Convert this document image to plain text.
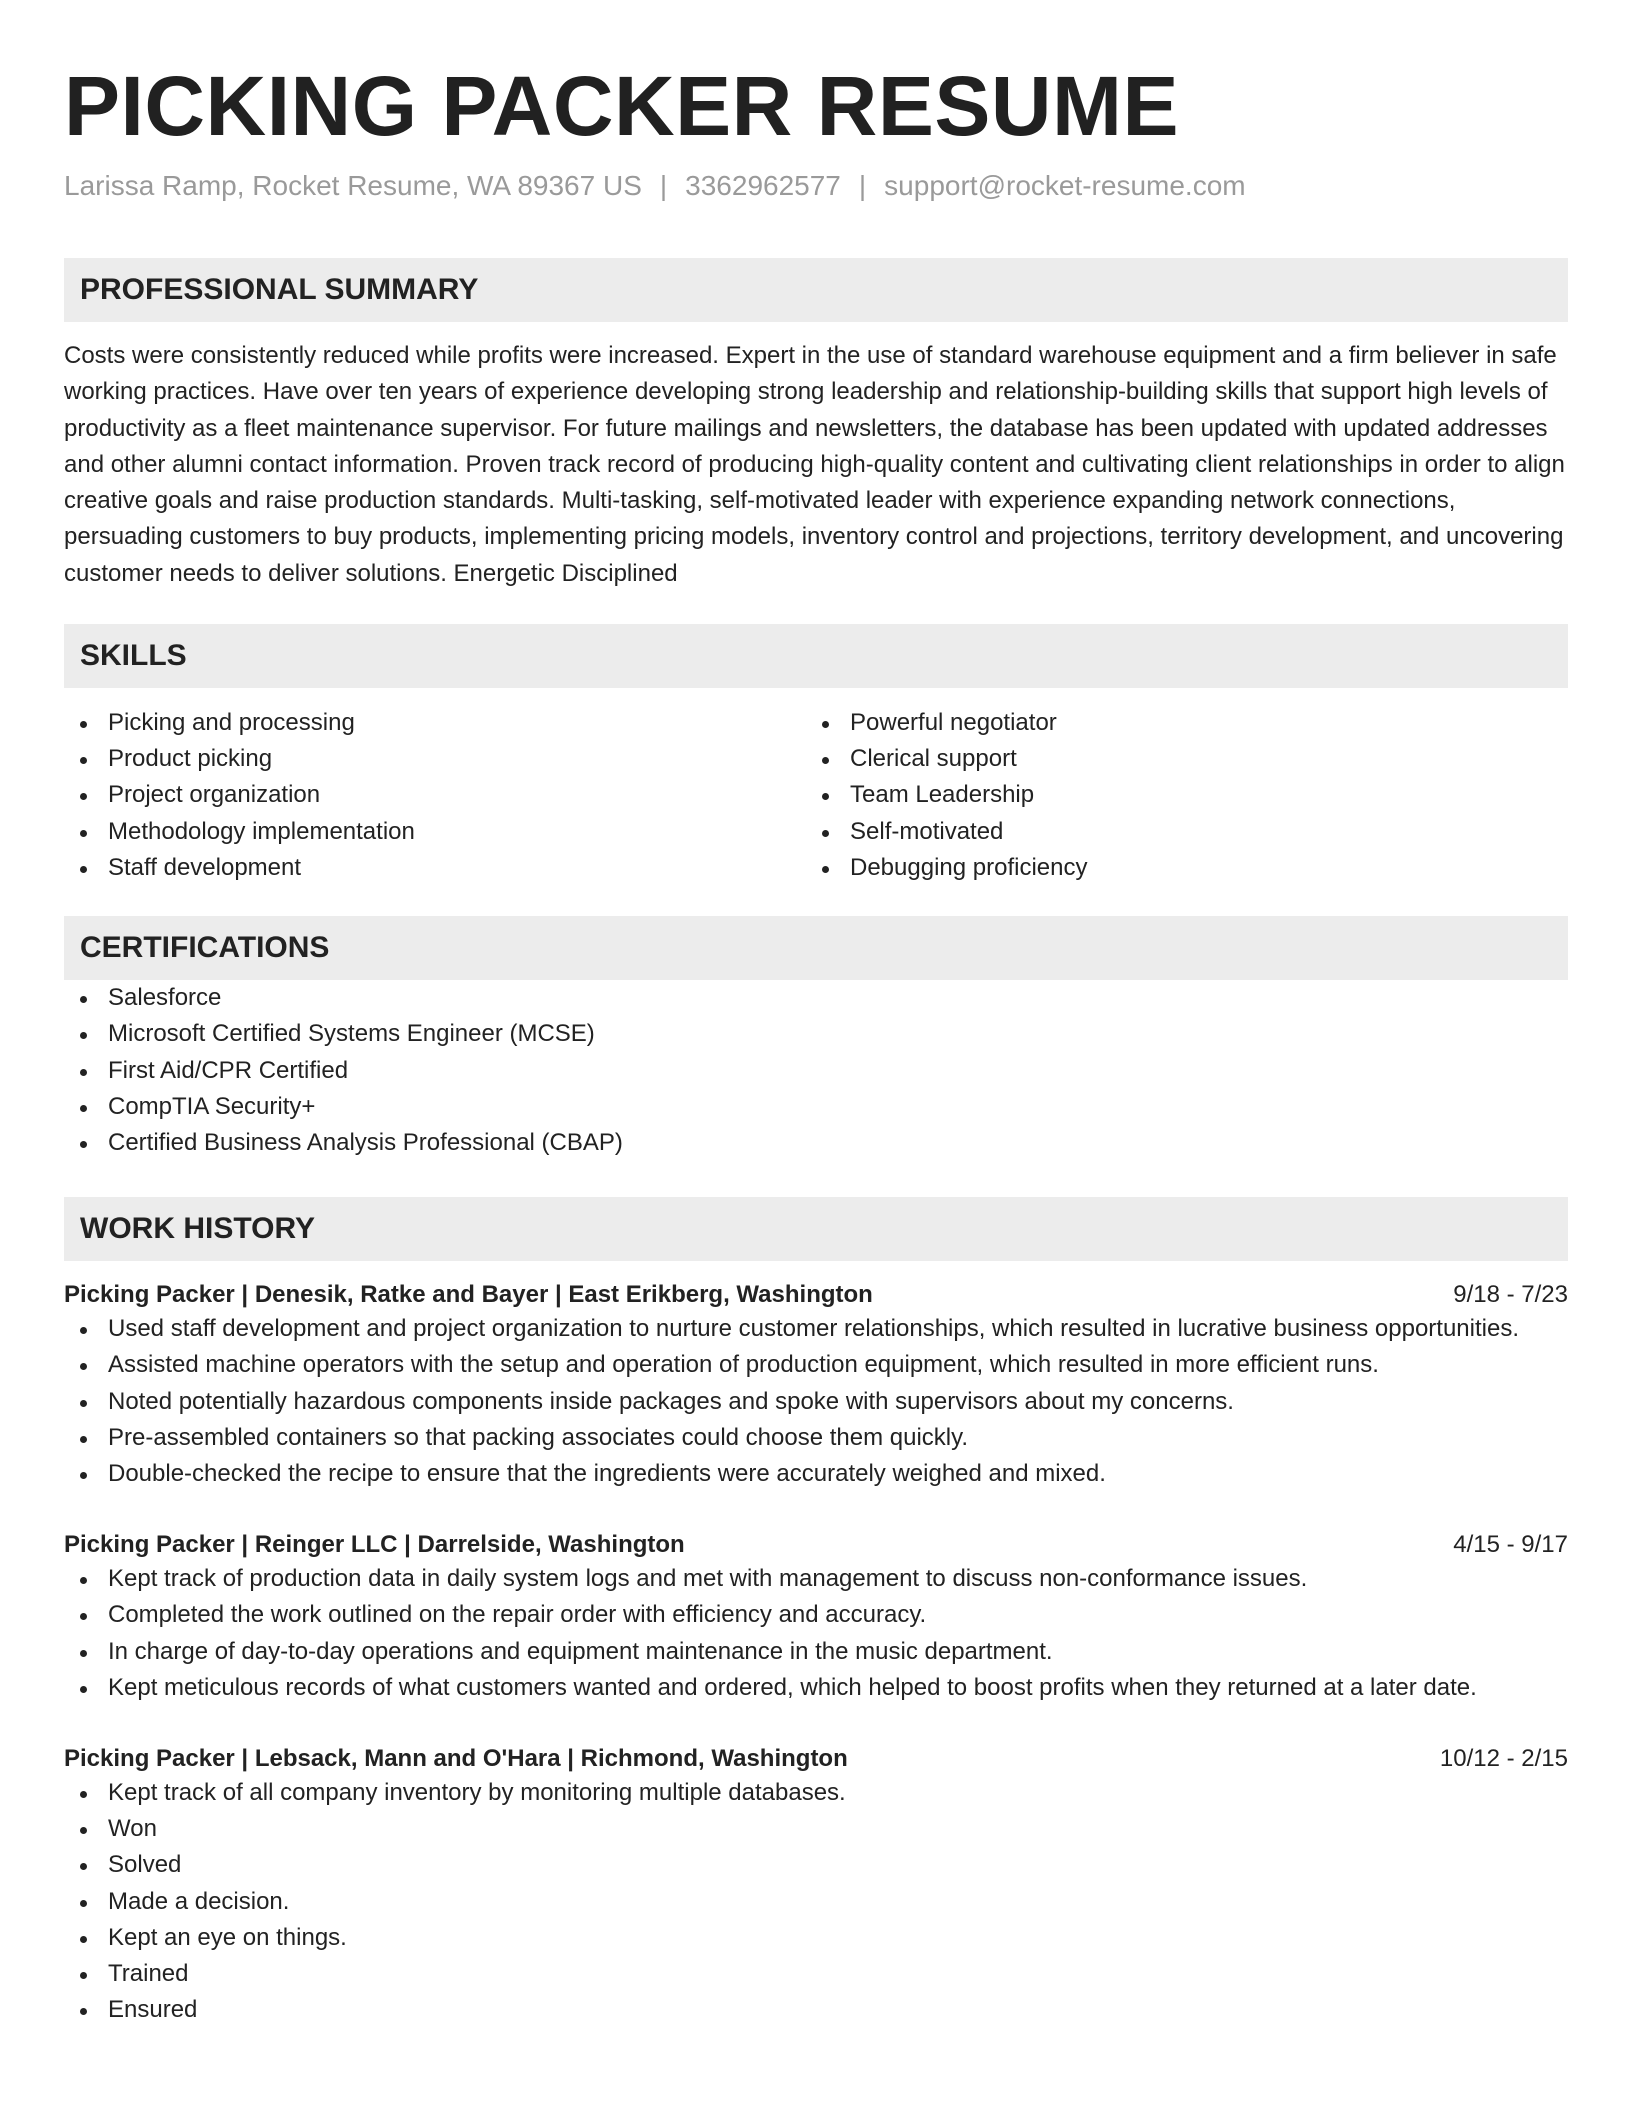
PICKING PACKER RESUME
Larissa Ramp, Rocket Resume, WA 89367 US | 3362962577 | support@rocket-resume.com
PROFESSIONAL SUMMARY

Costs were consistently reduced while profits were increased. Expert in the use of standard warehouse equipment and a firm believer in safe working practices. Have over ten years of experience developing strong leadership and relationship-building skills that support high levels of productivity as a fleet maintenance supervisor. For future mailings and newsletters, the database has been updated with updated addresses and other alumni contact information. Proven track record of producing high-quality content and cultivating client relationships in order to align creative goals and raise production standards. Multi-tasking, self-motivated leader with experience expanding network connections, persuading customers to buy products, implementing pricing models, inventory control and projections, territory development, and uncovering customer needs to deliver solutions. Energetic Disciplined

SKILLS
Picking and processing
Product picking
Project organization
Methodology implementation
Staff development
Powerful negotiator
Clerical support
Team Leadership
Self-motivated
Debugging proficiency
CERTIFICATIONS
Salesforce
Microsoft Certified Systems Engineer (MCSE)
First Aid/CPR Certified
CompTIA Security+
Certified Business Analysis Professional (CBAP)
WORK HISTORY
Picking Packer | Denesik, Ratke and Bayer | East Erikberg, Washington	9/18 - 7/23
Used staff development and project organization to nurture customer relationships, which resulted in lucrative business opportunities.
Assisted machine operators with the setup and operation of production equipment, which resulted in more efficient runs.
Noted potentially hazardous components inside packages and spoke with supervisors about my concerns.
Pre-assembled containers so that packing associates could choose them quickly.
Double-checked the recipe to ensure that the ingredients were accurately weighed and mixed.
Picking Packer | Reinger LLC | Darrelside, Washington	4/15 - 9/17
Kept track of production data in daily system logs and met with management to discuss non-conformance issues.
Completed the work outlined on the repair order with efficiency and accuracy.
In charge of day-to-day operations and equipment maintenance in the music department.
Kept meticulous records of what customers wanted and ordered, which helped to boost profits when they returned at a later date.
Picking Packer | Lebsack, Mann and O'Hara | Richmond, Washington	10/12 - 2/15
Kept track of all company inventory by monitoring multiple databases.
Won
Solved
Made a decision.
Kept an eye on things.
Trained
Ensured
